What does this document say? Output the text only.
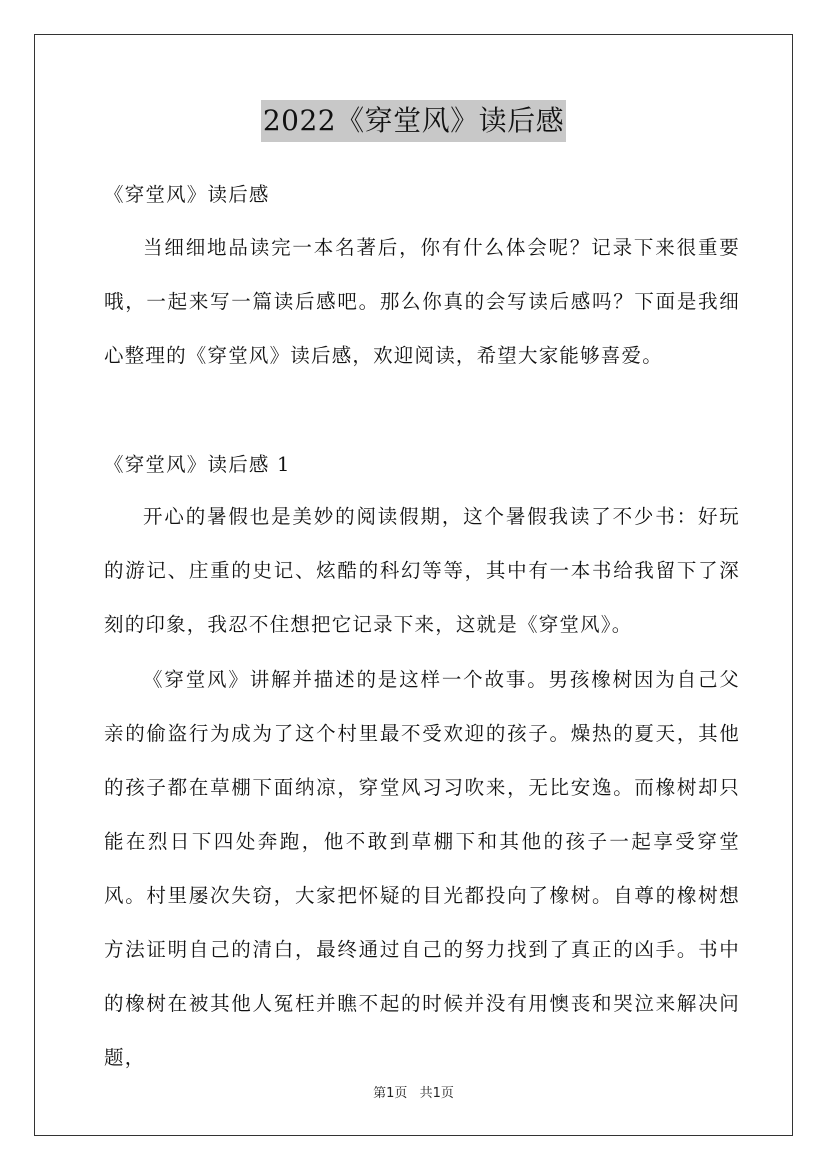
2022《穿堂风》读后感
《穿堂风》读后感

当细细地品读完一本名著后，你有什么体会呢？记录下来很重要哦，一起来写一篇读后感吧。那么你真的会写读后感吗？下面是我细心整理的《穿堂风》读后感，欢迎阅读，希望大家能够喜爱。

《穿堂风》读后感 1

开心的暑假也是美妙的阅读假期，这个暑假我读了不少书：好玩的游记、庄重的史记、炫酷的科幻等等，其中有一本书给我留下了深刻的印象，我忍不住想把它记录下来，这就是《穿堂风》。

《穿堂风》讲解并描述的是这样一个故事。男孩橡树因为自己父亲的偷盗行为成为了这个村里最不受欢迎的孩子。燥热的夏天，其他的孩子都在草棚下面纳凉，穿堂风习习吹来，无比安逸。而橡树却只能在烈日下四处奔跑，他不敢到草棚下和其他的孩子一起享受穿堂风。村里屡次失窃，大家把怀疑的目光都投向了橡树。自尊的橡树想方法证明自己的清白，最终通过自己的努力找到了真正的凶手。书中的橡树在被其他人冤枉并瞧不起的时候并没有用懊丧和哭泣来解决问题，

第1页 共1页
